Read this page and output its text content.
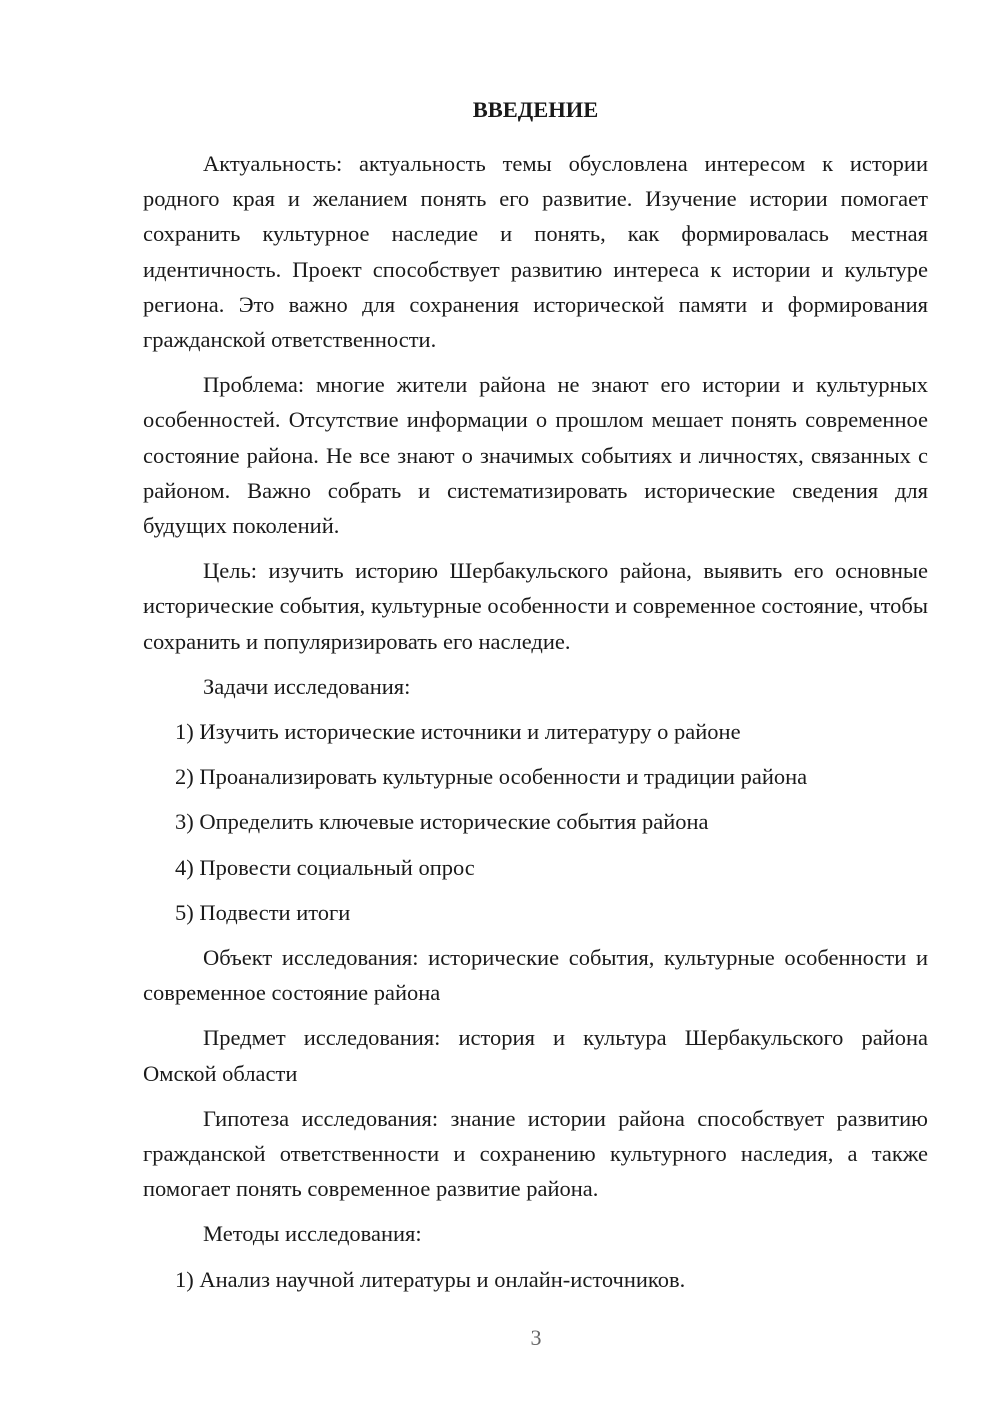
ВВЕДЕНИЕ

Актуальность: актуальность темы обусловлена интересом к истории родного края и желанием понять его развитие. Изучение истории помогает сохранить культурное наследие и понять, как формировалась местная идентичность. Проект способствует развитию интереса к истории и культуре региона. Это важно для сохранения исторической памяти и формирования гражданской ответственности.

Проблема: многие жители района не знают его истории и культурных особенностей. Отсутствие информации о прошлом мешает понять современное состояние района. Не все знают о значимых событиях и личностях, связанных с районом. Важно собрать и систематизировать исторические сведения для будущих поколений.

Цель: изучить историю Шербакульского района, выявить его основные исторические события, культурные особенности и современное состояние, чтобы сохранить и популяризировать его наследие.

Задачи исследования:

1) Изучить исторические источники и литературу о районе

2) Проанализировать культурные особенности и традиции района

3) Определить ключевые исторические события района

4) Провести социальный опрос

5) Подвести итоги

Объект исследования: исторические события, культурные особенности и современное состояние района

Предмет исследования: история и культура Шербакульского района Омской области

Гипотеза исследования: знание истории района способствует развитию гражданской ответственности и сохранению культурного наследия, а также помогает понять современное развитие района.

Методы исследования:

1) Анализ научной литературы и онлайн-источников.

3
